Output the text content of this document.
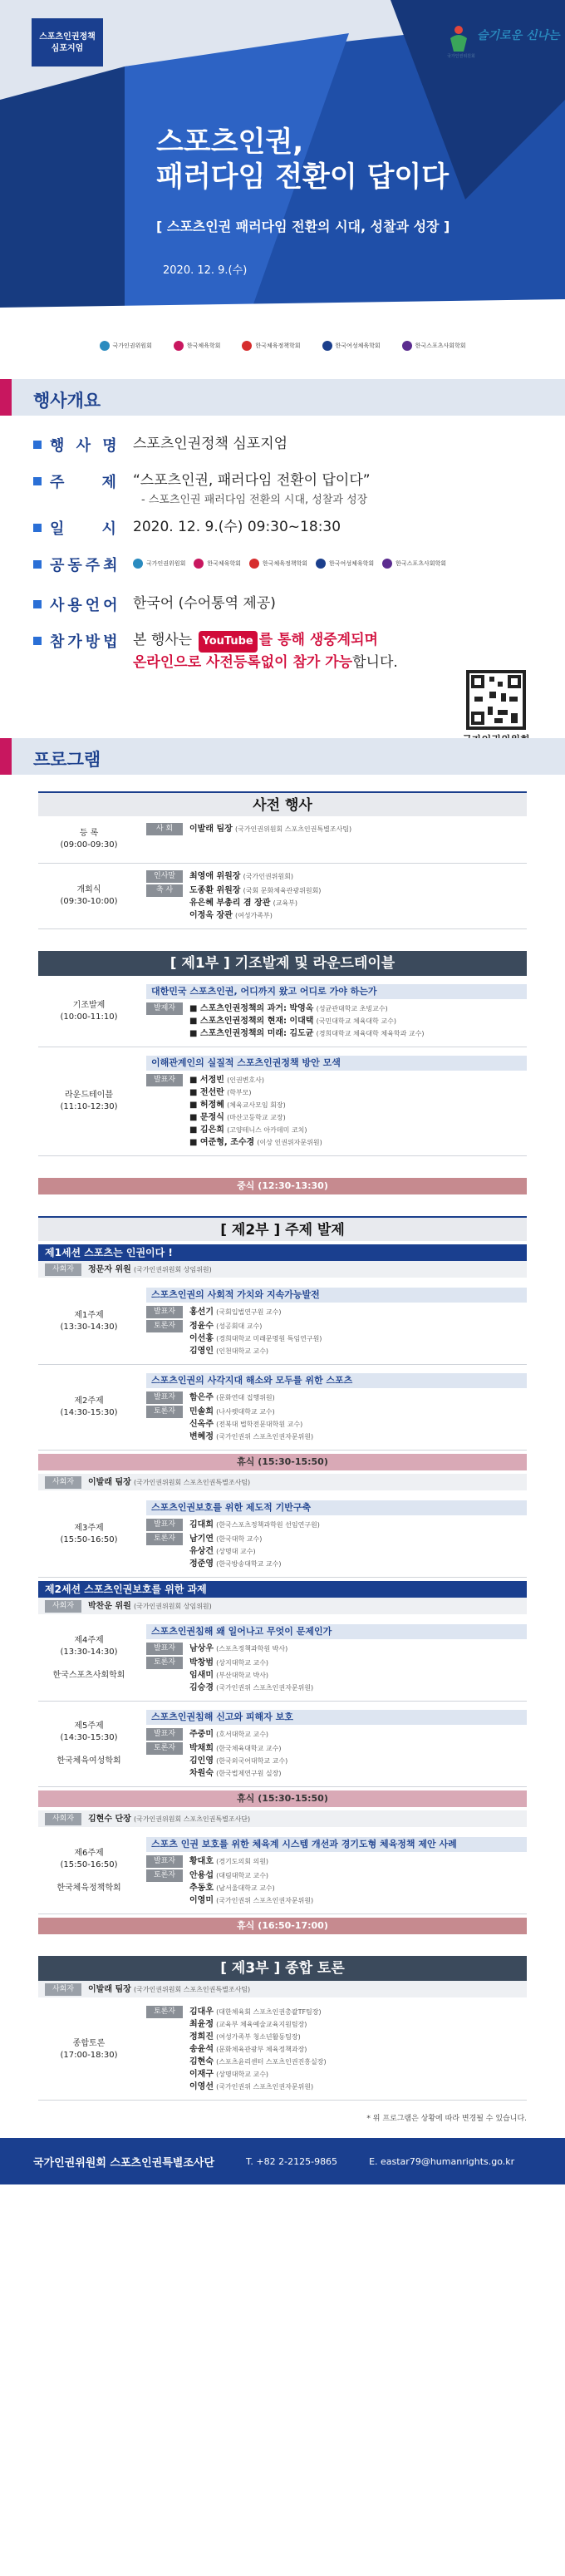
스포츠인권정책
심포지엄
슬기로운 신나는
국가인권위원회
스포츠인권,
패러다임 전환이 답이다
[ 스포츠인권 패러다임 전환의 시대, 성찰과 성장 ]
2020. 12. 9.(수)
국가인권위원회	한국체육학회	한국체육정책학회	한국여성체육학회	한국스포츠사회학회
행사개요
행 사 명 스포츠인권정책 심포지엄
주    제 “스포츠인권, 패러다임 전환이 답이다”
- 스포츠인권 패러다임 전환의 시대, 성찰과 성장
일    시 2020. 12. 9.(수) 09:30~18:30
공동주최	국가인권위원회	한국체육학회	한국체육정책학회	한국여성체육학회	한국스포츠사회학회
사용언어 한국어 (수어통역 제공)
참가방법 본 행사는 YouTube 를 통해 생중계되며
온라인으로 사전등록없이 참가 가능합니다.
프로그램
사전 행사
등 록
(09:00-09:30)
사 회	이발래 팀장 (국가인권위원회 스포츠인권특별조사팀)
개회식
(09:30-10:00)
인사말	최영애 위원장 (국가인권위원회)
축 사	도종환 위원장 (국회 문화체육관광위원회)
유은혜 부총리 겸 장관 (교육부)
이정옥 장관 (여성가족부)
[ 제1부 ] 기조발제 및 라운드테이블
기조발제
(10:00-11:10)
대한민국 스포츠인권, 어디까지 왔고 어디로 가야 하는가
발제자	■ 스포츠인권정책의 과거: 박영옥 (성균관대학교 초빙교수)
■ 스포츠인권정책의 현재: 이대택 (국민대학교 체육대학 교수)
■ 스포츠인권정책의 미래: 김도균 (경희대학교 체육대학 체육학과 교수)
라운드테이블
(11:10-12:30)
이해관계인의 실질적 스포츠인권정책 방안 모색
발표자	■ 서정빈 (인권변호사)
■ 전선란 (학부모)
■ 허정혜 (체육교사모임 회장)
■ 문정식 (마산고등학교 교장)
■ 김은희 (고양테니스 아카데미 코치)
■ 여준형, 조수경 (이상 인권위자문위원)
중식 (12:30-13:30)
[ 제2부 ] 주제 발제
제1세션 스포츠는 인권이다 !
사회자	정문자 위원 (국가인권위원회 상임위원)
제1주제
(13:30-14:30)
스포츠인권의 사회적 가치와 지속가능발전
발표자	홍선기 (국회입법연구원 교수)
토론자	정윤수 (성공회대 교수)
이선홍 (경희대학교 미래문명원 특임연구원)
김영인 (인천대학교 교수)
제2주제
(14:30-15:30)
스포츠인권의 사각지대 해소와 모두를 위한 스포츠
발표자	함은주 (문화연대 집행위원)
토론자	민솔희 (나사렛대학교 교수)
신옥주 (전북대 법학전문대학원 교수)
변혜정 (국가인권위 스포츠인권자문위원)
휴식 (15:30-15:50)
사회자	이발래 팀장 (국가인권위원회 스포츠인권특별조사팀)
제3주제
(15:50-16:50)
스포츠인권보호를 위한 제도적 기반구축
발표자	김대희 (한국스포츠정책과학원 선임연구원)
토론자	남기연 (한국대학 교수)
유상건 (상명대 교수)
정준영 (한국방송대학교 교수)
제2세션 스포츠인권보호를 위한 과제
사회자	박찬운 위원 (국가인권위원회 상임위원)
제4주제
(13:30-14:30)

한국스포츠사회학회
스포츠인권침해 왜 일어나고 무엇이 문제인가
발표자	남상우 (스포츠정책과학원 박사)
토론자	박창범 (상지대학교 교수)
임새미 (부산대학교 박사)
김승경 (국가인권위 스포츠인권자문위원)
제5주제
(14:30-15:30)

한국체육여성학회
스포츠인권침해 신고와 피해자 보호
발표자	주중미 (호서대학교 교수)
토론자	박채희 (한국체육대학교 교수)
김인영 (한국외국어대학교 교수)
차원숙 (한국법제연구원 실장)
휴식 (15:30-15:50)
사회자	김현수 단장 (국가인권위원회 스포츠인권특별조사단)
제6주제
(15:50-16:50)

한국체육정책학회
스포츠 인권 보호를 위한 체육계 시스템 개선과 경기도형 체육정책 제안 사례
발표자	황대호 (경기도의회 의원)
토론자	안용섭 (대림대학교 교수)
추동호 (남서울대학교 교수)
이영미 (국가인권위 스포츠인권자문위원)
휴식 (16:50-17:00)
[ 제3부 ] 종합 토론
사회자	이발래 팀장 (국가인권위원회 스포츠인권특별조사팀)
종합토론
(17:00-18:30)
토론자	김대우 (대한체육회 스포츠인권총괄TF팀장)
최윤정 (교육부 체육예술교육지원팀장)
정희진 (여성가족부 청소년활동팀장)
송윤석 (문화체육관광부 체육정책과장)
김현숙 (스포츠윤리센터 스포츠인권진흥실장)
이재구 (상명대학교 교수)
이영선 (국가인권위 스포츠인권자문위원)
* 위 프로그램은 상황에 따라 변경될 수 있습니다.
국가인권위원회 스포츠인권특별조사단	T. +82 2-2125-9865	E. eastar79@humanrights.go.kr
